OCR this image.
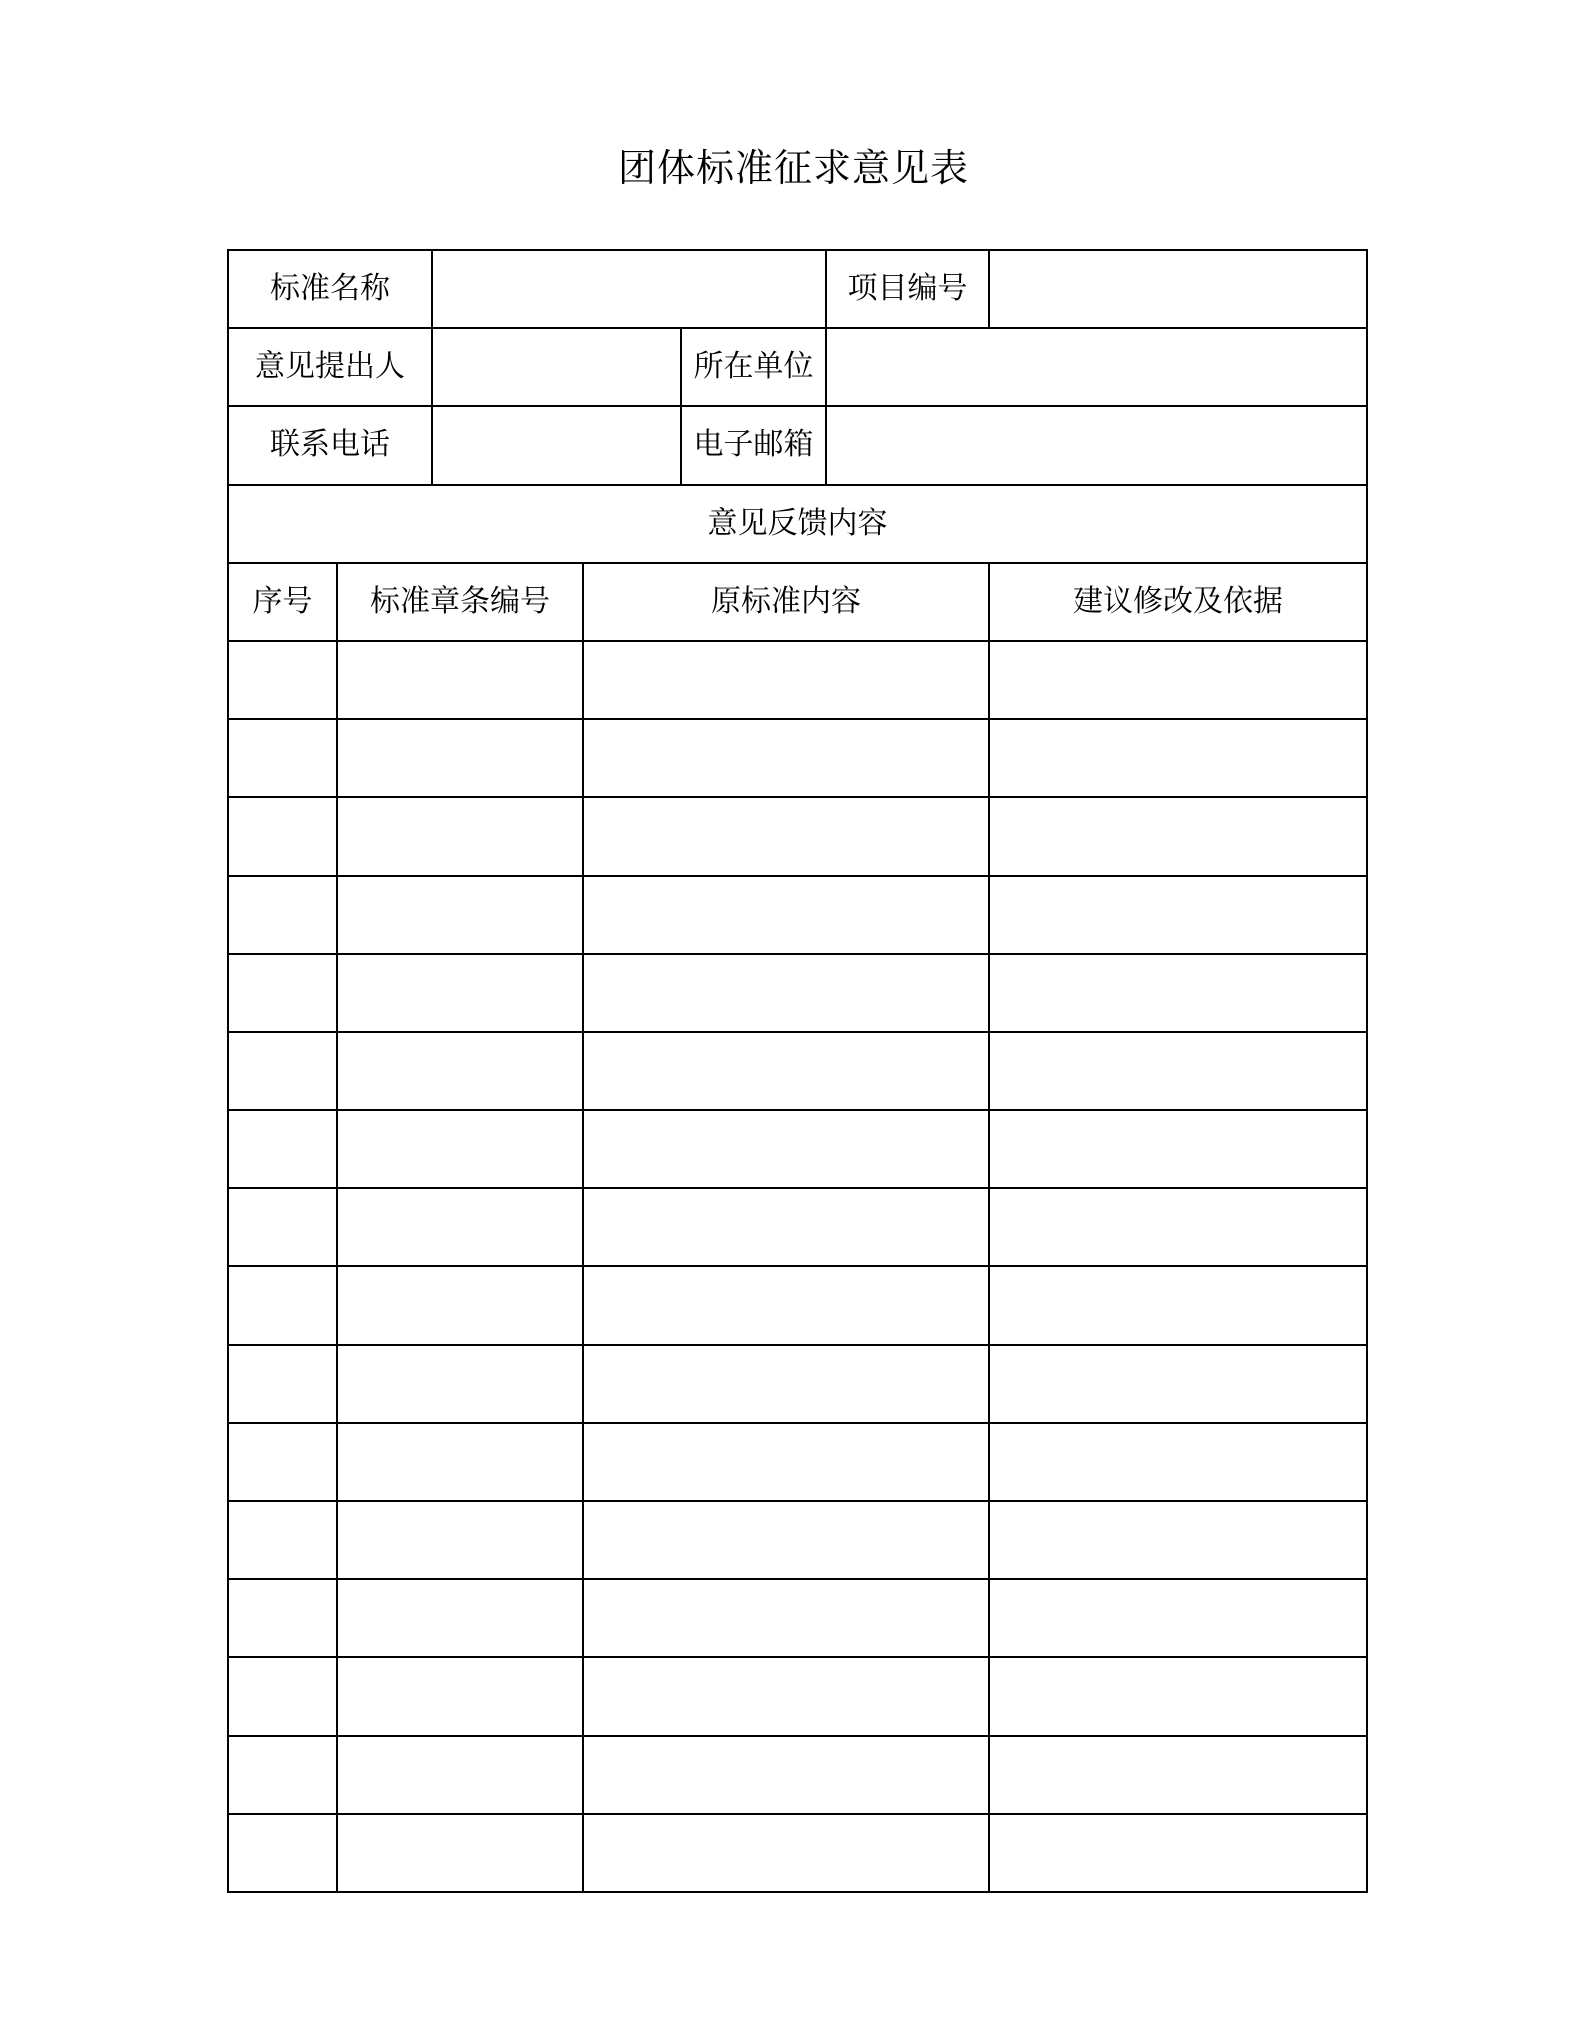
团体标准征求意见表
标准名称					项目编号	
意见提出人				所在单位		
联系电话				电子邮箱		
意见反馈内容						
序号	标准章条编号		原标准内容			建议修改及依据
